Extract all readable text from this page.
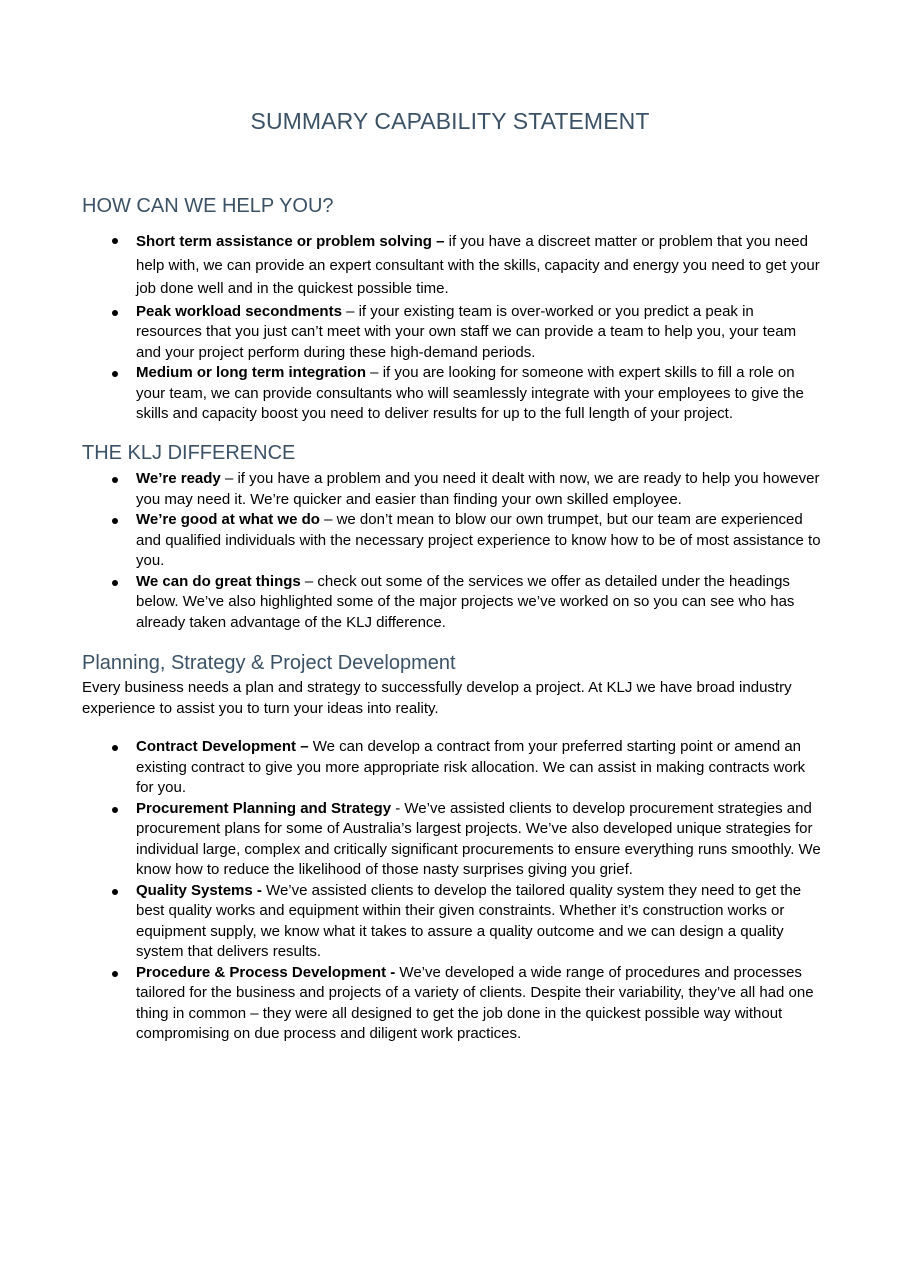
SUMMARY CAPABILITY STATEMENT
HOW CAN WE HELP YOU?
Short term assistance or problem solving – if you have a discreet matter or problem that you need help with, we can provide an expert consultant with the skills, capacity and energy you need to get your job done well and in the quickest possible time.
Peak workload secondments – if your existing team is over-worked or you predict a peak in resources that you just can’t meet with your own staff we can provide a team to help you, your team and your project perform during these high-demand periods.
Medium or long term integration – if you are looking for someone with expert skills to fill a role on your team, we can provide consultants who will seamlessly integrate with your employees to give the skills and capacity boost you need to deliver results for up to the full length of your project.
THE KLJ DIFFERENCE
We’re ready – if you have a problem and you need it dealt with now, we are ready to help you however you may need it. We’re quicker and easier than finding your own skilled employee.
We’re good at what we do – we don’t mean to blow our own trumpet, but our team are experienced and qualified individuals with the necessary project experience to know how to be of most assistance to you.
We can do great things – check out some of the services we offer as detailed under the headings below. We’ve also highlighted some of the major projects we’ve worked on so you can see who has already taken advantage of the KLJ difference.
Planning, Strategy & Project Development

Every business needs a plan and strategy to successfully develop a project. At KLJ we have broad industry experience to assist you to turn your ideas into reality.

Contract Development – We can develop a contract from your preferred starting point or amend an existing contract to give you more appropriate risk allocation. We can assist in making contracts work for you.
Procurement Planning and Strategy - We’ve assisted clients to develop procurement strategies and procurement plans for some of Australia’s largest projects. We’ve also developed unique strategies for individual large, complex and critically significant procurements to ensure everything runs smoothly. We know how to reduce the likelihood of those nasty surprises giving you grief.
Quality Systems - We’ve assisted clients to develop the tailored quality system they need to get the best quality works and equipment within their given constraints. Whether it’s construction works or equipment supply, we know what it takes to assure a quality outcome and we can design a quality system that delivers results.
Procedure & Process Development - We’ve developed a wide range of procedures and processes tailored for the business and projects of a variety of clients. Despite their variability, they’ve all had one thing in common – they were all designed to get the job done in the quickest possible way without compromising on due process and diligent work practices.
